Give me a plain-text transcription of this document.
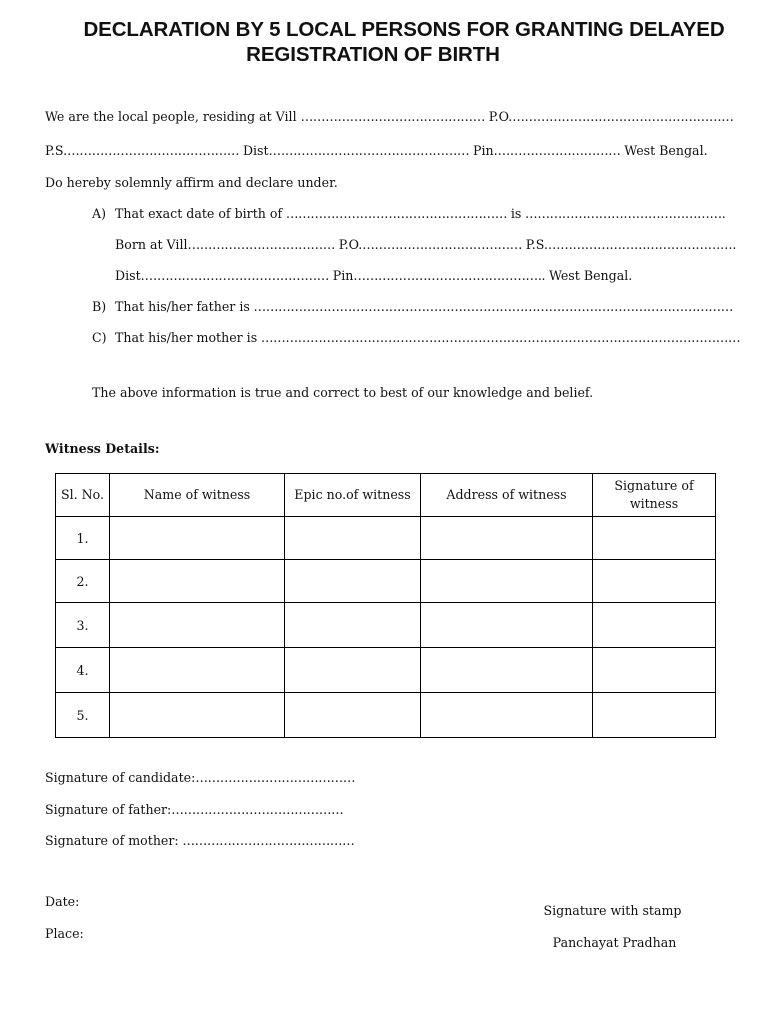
DECLARATION BY 5 LOCAL PERSONS FOR GRANTING DELAYED
REGISTRATION OF BIRTH
We are the local people, residing at Vill ……………………………………… P.O.………………………………………………
P.S.…………………………………… Dist.………………………………………… Pin.………………………… West Bengal.
Do hereby solemnly affirm and declare under.
A) That exact date of birth of ……………………………………………… is ………………………………………….
Born at Vill……………………………… P.O.………………………………… P.S.……………………………………….
Dist.……………………………………… Pin……………………………………….. West Bengal.
B) That his/her father is ………………………………………………………………………………………………………
C) That his/her mother is ………………………………………………………………………………………………………
The above information is true and correct to best of our knowledge and belief.
Witness Details:
Sl. No.	Name of witness	Epic no.of witness	Address of witness	Signature of witness
1.				
2.				
3.				
4.				
5.				
Signature of candidate:…………………………………
Signature of father:……………………………………
Signature of mother: ……………………………………
Date:
Place:
Signature with stamp
Panchayat Pradhan
